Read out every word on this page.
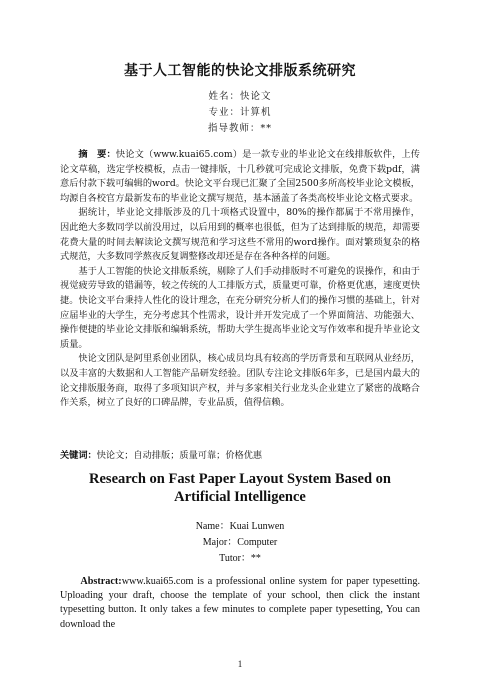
基于人工智能的快论文排版系统研究
姓名：快论文
专业：计算机
指导教师：**

摘　要：快论文（www.kuai65.com）是一款专业的毕业论文在线排版软件，上传论文草稿，选定学校模板，点击一键排版，十几秒就可完成论文排版，免费下载pdf，满意后付款下载可编辑的word。快论文平台现已汇聚了全国2500多所高校毕业论文模板，均源自各校官方最新发布的毕业论文撰写规范，基本涵盖了各类高校毕业论文格式要求。

据统计，毕业论文排版涉及的几十项格式设置中，80%的操作都属于不常用操作，因此绝大多数同学以前没用过，以后用到的概率也很低，但为了达到排版的规范，却需要花费大量的时间去解读论文撰写规范和学习这些不常用的word操作。面对繁琐复杂的格式规范，大多数同学熬夜反复调整修改却还是存在各种各样的问题。

基于人工智能的快论文排版系统，剔除了人们手动排版时不可避免的误操作，和由于视觉疲劳导致的错漏等，较之传统的人工排版方式，质量更可靠，价格更优惠，速度更快捷。快论文平台秉持人性化的设计理念，在充分研究分析人们的操作习惯的基础上，针对应届毕业的大学生，充分考虑其个性需求，设计并开发完成了一个界面简洁、功能强大、操作便捷的毕业论文排版和编辑系统，帮助大学生提高毕业论文写作效率和提升毕业论文质量。

快论文团队是阿里系创业团队，核心成员均具有较高的学历背景和互联网从业经历，以及丰富的大数据和人工智能产品研发经验。团队专注论文排版6年多，已是国内最大的论文排版服务商，取得了多项知识产权，并与多家相关行业龙头企业建立了紧密的战略合作关系，树立了良好的口碑品牌，专业品质，值得信赖。

关键词：快论文；自动排版；质量可靠；价格优惠
Research on Fast Paper Layout System Based on Artificial Intelligence
Name：Kuai Lunwen
Major：Computer
Tutor：**

Abstract:www.kuai65.com is a professional online system for paper typesetting. Uploading your draft, choose the template of your school, then click the instant typesetting button. It only takes a few minutes to complete paper typesetting, You can download the

1
